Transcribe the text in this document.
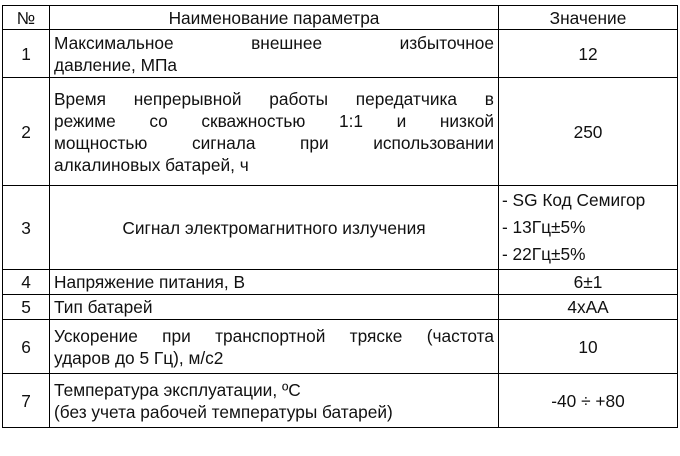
№	Наименование параметра	Значение
1	Максимальное внешнее избыточное
давление, МПа	12
2	Время непрерывной работы передатчика в
режиме со скважностью 1:1 и низкой
мощностью сигнала при использовании
алкалиновых батарей, ч	250
3	Сигнал электромагнитного излучения	- SG Код Семигор
- 13Гц±5%
- 22Гц±5%

4	Напряжение питания, В	6±1
5	Тип батарей	4хАА
6	Ускорение при транспортной тряске (частота
ударов до 5 Гц), м/с2	10
7	Температура эксплуатации, ºС
(без учета рабочей температуры батарей)	-40 ÷ +80
